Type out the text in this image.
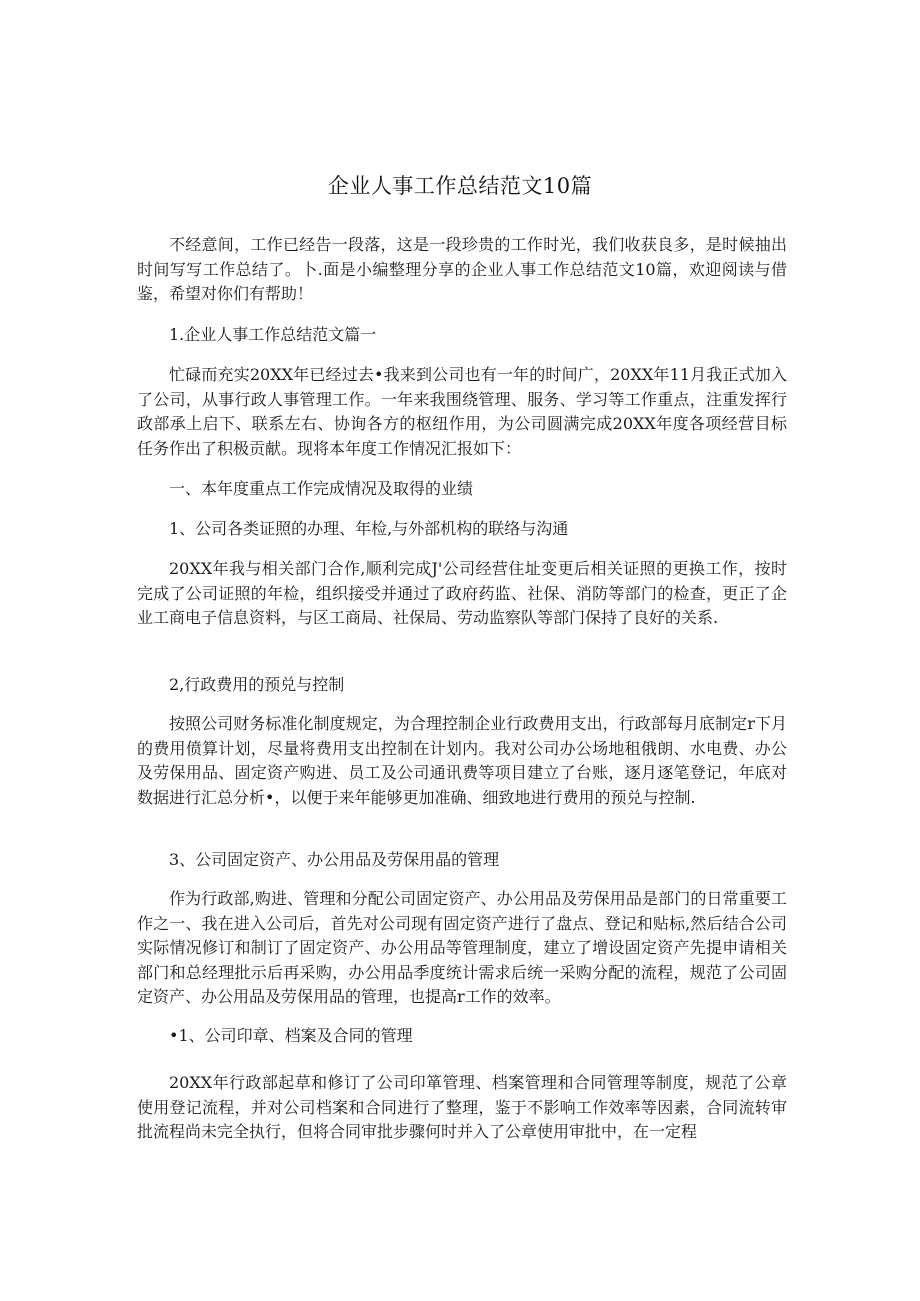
企业人事工作总结范文10篇

不经意间，工作已经告一段落，这是一段珍贵的工作时光，我们收获良多，是时候抽出时间写写工作总结了。卜.面是小编整理分享的企业人事工作总结范文10篇，欢迎阅读与借鉴，希望对你们有帮助！

1.企业人事工作总结范文篇一

忙碌而充实20XX年已经过去•我来到公司也有一年的时间广，20XX年11月我正式加入了公司，从事行政人事管理工作。一年来我围绕管理、服务、学习等工作重点，注重发挥行政部承上启下、联系左右、协询各方的枢纽作用，为公司圆满完成20XX年度各项经营目标任务作出了积极贡献。现将本年度工作情况汇报如下：

一、本年度重点工作完成情况及取得的业绩

1、公司各类证照的办理、年检,与外部机构的联络与沟通

20XX年我与相关部门合作,顺利完成J'公司经营住址变更后相关证照的更换工作，按时完成了公司证照的年检，组织接受并通过了政府药监、社保、消防等部门的检查，更正了企业工商电子信息资料，与区工商局、社保局、劳动监察队等部门保持了良好的关系.

2,行政费用的预兑与控制

按照公司财务标准化制度规定，为合理控制企业行政费用支出，行政部每月底制定r下月的费用偾算计划，尽量将费用支出控制在计划内。我对公司办公场地租俄朗、水电费、办公及劳保用品、固定资产购进、员工及公司通讯费等项目建立了台账，逐月逐笔登记，年底对数据进行汇总分析•，以便于来年能够更加准确、细致地进行费用的预兑与控制.

3、公司固定资产、办公用品及劳保用晶的管理

作为行政部,购进、管理和分配公司固定资产、办公用品及劳保用品是部门的日常重要工作之一、我在进入公司后，首先对公司现有固定资产进行了盘点、登记和贴标,然后结合公司实际情况修订和制订了固定资产、办公用品等管理制度，建立了增设固定资产先提申请相关部门和总经理批示后再采购，办公用品季度统计需求后统一采购分配的流程，规范了公司固定资产、办公用品及劳保用品的管理，也提高r工作的效率。

•1、公司印章、档案及合同的管理

20XX年行政部起草和修订了公司印箪管理、档案管理和合同管理等制度，规范了公章使用登记流程，并对公司档案和合同进行了整理，鉴于不影响工作效率等因素，合同流转审批流程尚未完全执行，但将合同审批步骤何时并入了公章使用审批中，在一定程
